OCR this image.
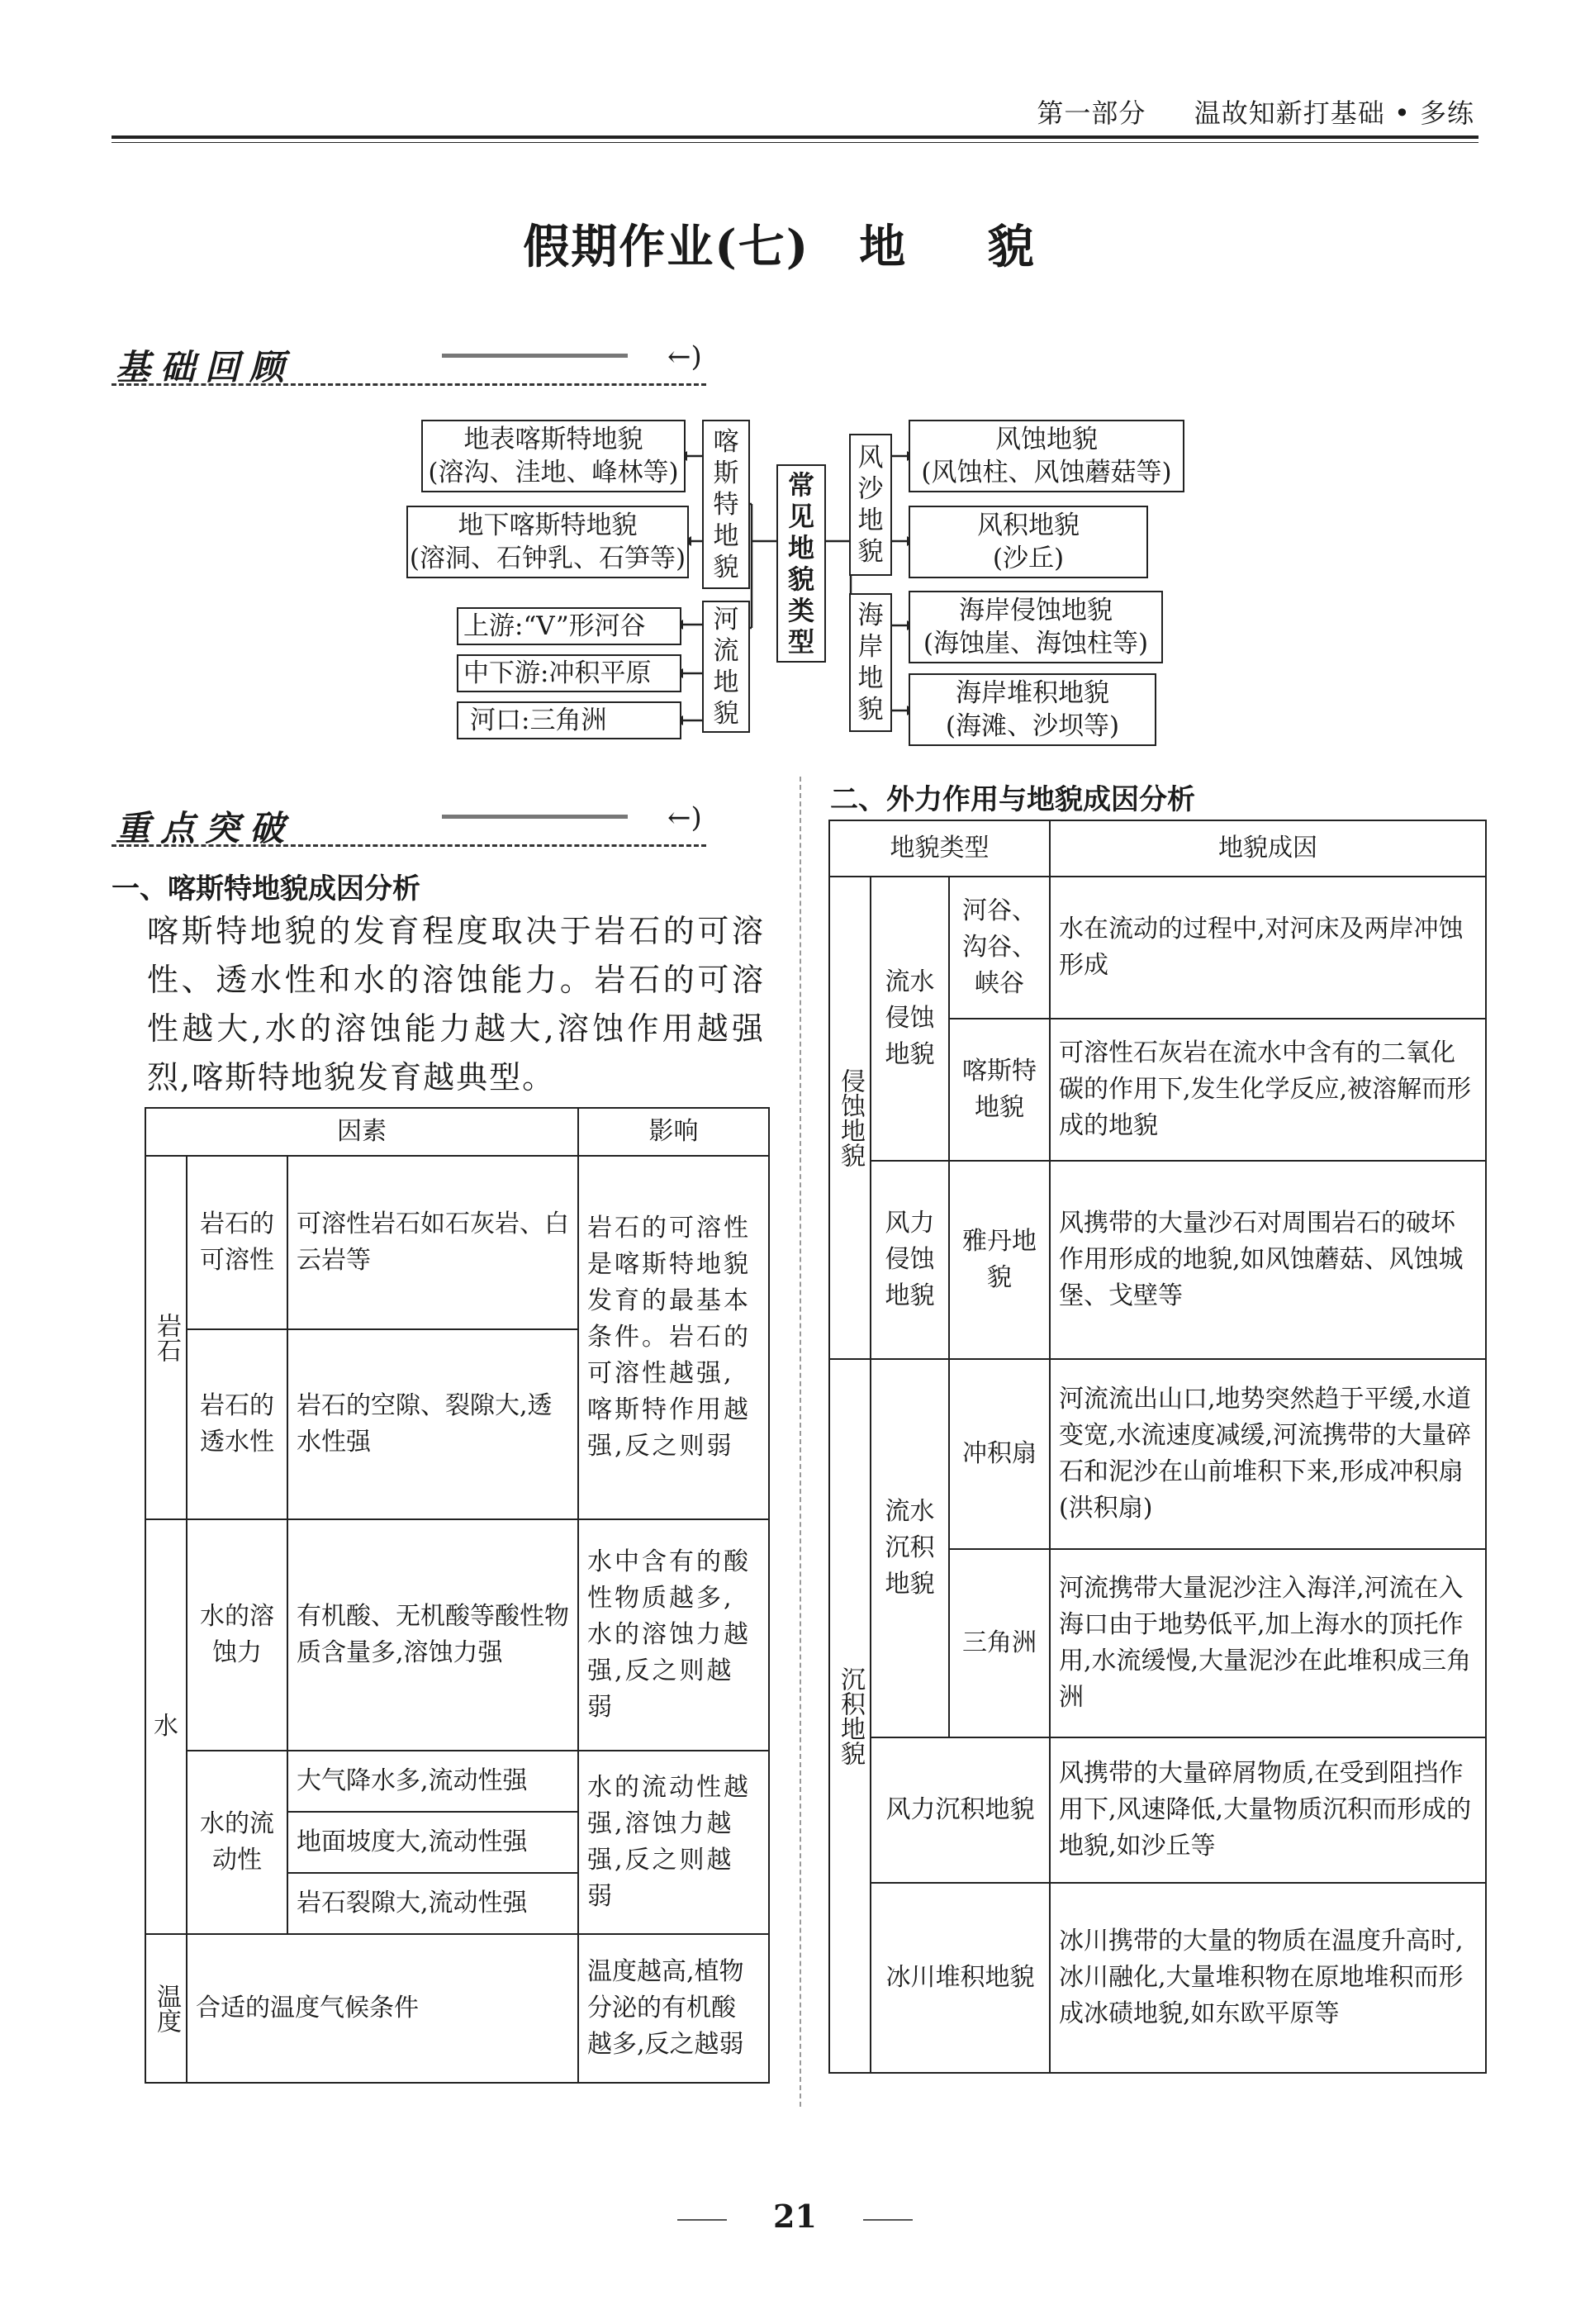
第一部分 温故知新打基础 • 多练
假期作业(七) 地 貌
基础回顾	←⁢)
常见地貌类型
喀斯特地貌
地表喀斯特地貌
(溶沟、洼地、峰林等)
地下喀斯特地貌
(溶洞、石钟乳、石笋等)
河流地貌
上游:“V”形河谷
中下游:冲积平原
河口:三角洲
风沙地貌
风蚀地貌
(风蚀柱、风蚀蘑菇等)
风积地貌
(沙丘)
海岸地貌
海岸侵蚀地貌
(海蚀崖、海蚀柱等)
海岸堆积地貌
(海滩、沙坝等)
重点突破	←⁢)
一、喀斯特地貌成因分析
喀斯特地貌的发育程度取决于岩石的可溶性、透水性和水的溶蚀能力。岩石的可溶性越大,水的溶蚀能力越大,溶蚀作用越强烈,喀斯特地貌发育越典型。
因素			影响
岩石	岩石的可溶性	可溶性岩石如石灰岩、白云岩等	岩石的可溶性是喀斯特地貌发育的最基本条件。岩石的可溶性越强,喀斯特作用越强,反之则弱
	岩石的透水性	岩石的空隙、裂隙大,透水性强	
水	水的溶蚀力	有机酸、无机酸等酸性物质含量多,溶蚀力强	水中含有的酸性物质越多,水的溶蚀力越强,反之则越弱
	水的流动性	大气降水多,流动性强	水的流动性越强,溶蚀力越强,反之则越弱
		地面坡度大,流动性强	
		岩石裂隙大,流动性强	
温度	合适的温度气候条件		温度越高,植物分泌的有机酸越多,反之越弱
二、外力作用与地貌成因分析
地貌类型			地貌成因
侵蚀地貌	流水侵蚀地貌	河谷、沟谷、峡谷	水在流动的过程中,对河床及两岸冲蚀形成
		喀斯特地貌	可溶性石灰岩在流水中含有的二氧化碳的作用下,发生化学反应,被溶解而形成的地貌
	风力侵蚀地貌	雅丹地貌	风携带的大量沙石对周围岩石的破坏作用形成的地貌,如风蚀蘑菇、风蚀城堡、戈壁等
沉积地貌	流水沉积地貌	冲积扇	河流流出山口,地势突然趋于平缓,水道变宽,水流速度减缓,河流携带的大量碎石和泥沙在山前堆积下来,形成冲积扇(洪积扇)
		三角洲	河流携带大量泥沙注入海洋,河流在入海口由于地势低平,加上海水的顶托作用,水流缓慢,大量泥沙在此堆积成三角洲
	风力沉积地貌		风携带的大量碎屑物质,在受到阻挡作用下,风速降低,大量物质沉积而形成的地貌,如沙丘等
	冰川堆积地貌		冰川携带的大量的物质在温度升高时,冰川融化,大量堆积物在原地堆积而形成冰碛地貌,如东欧平原等
21
